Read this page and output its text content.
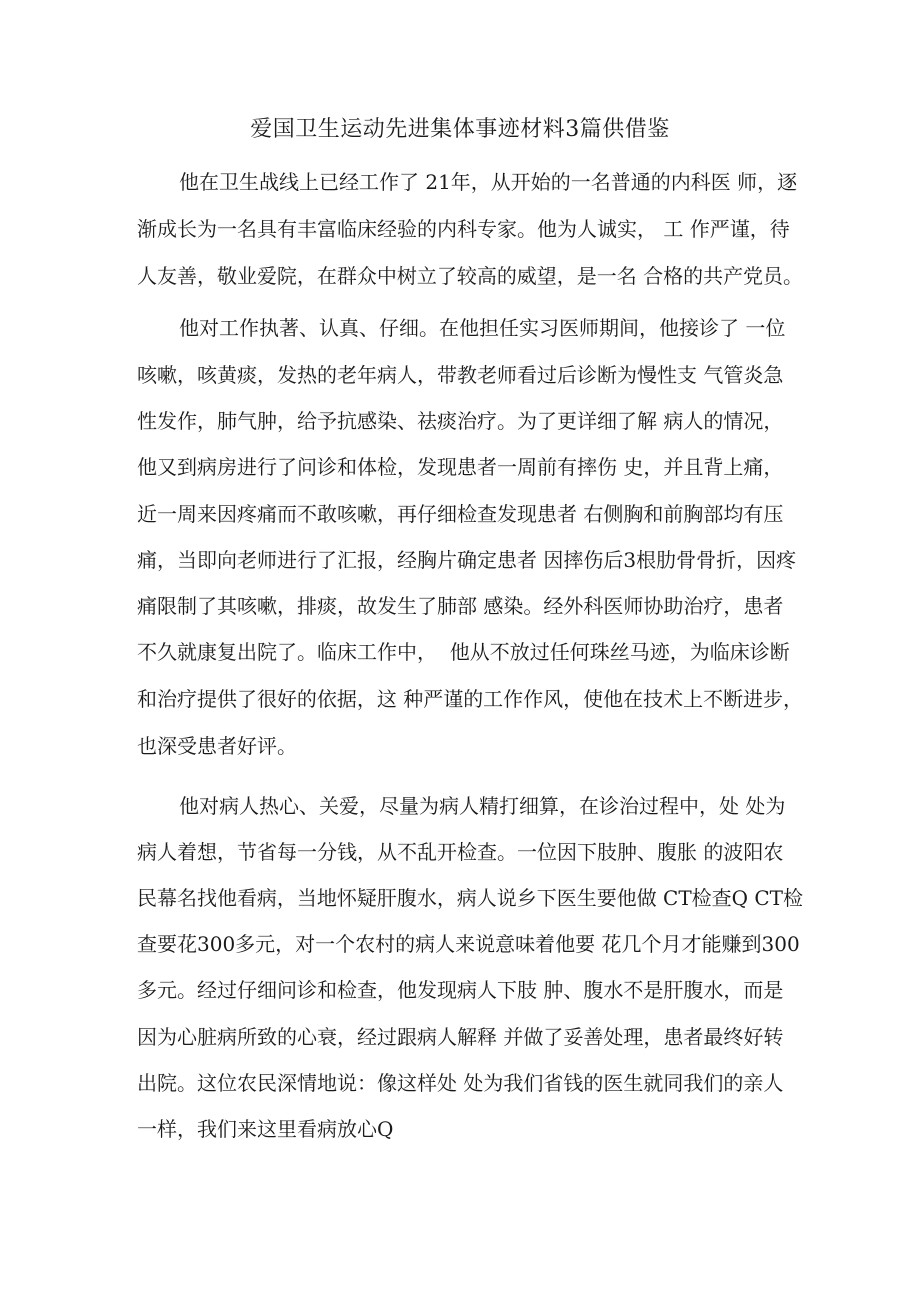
爱国卫生运动先进集体事迹材料3篇供借鉴
他在卫生战线上已经工作了 21年，从开始的一名普通的内科医 师，逐
渐成长为一名具有丰富临床经验的内科专家。他为人诚实， 工 作严谨，待
人友善，敬业爱院，在群众中树立了较高的威望，是一名 合格的共产党员。
他对工作执著、认真、仔细。在他担任实习医师期间，他接诊了 一位
咳嗽，咳黄痰，发热的老年病人，带教老师看过后诊断为慢性支 气管炎急
性发作，肺气肿，给予抗感染、祛痰治疗。为了更详细了解 病人的情况，
他又到病房进行了问诊和体检，发现患者一周前有摔伤 史，并且背上痛，
近一周来因疼痛而不敢咳嗽，再仔细检查发现患者 右侧胸和前胸部均有压
痛，当即向老师进行了汇报，经胸片确定患者 因摔伤后3根肋骨骨折，因疼
痛限制了其咳嗽，排痰，故发生了肺部 感染。经外科医师协助治疗，患者
不久就康复出院了。临床工作中，  他从不放过任何珠丝马迹，为临床诊断
和治疗提供了很好的依据，这 种严谨的工作作风，使他在技术上不断进步，
也深受患者好评。
他对病人热心、关爱，尽量为病人精打细算，在诊治过程中，处 处为
病人着想，节省每一分钱，从不乱开检查。一位因下肢肿、腹胀 的波阳农
民幕名找他看病，当地怀疑肝腹水，病人说乡下医生要他做 CT检查Q CT检
查要花300多元，对一个农村的病人来说意味着他要 花几个月才能赚到300
多元。经过仔细问诊和检查，他发现病人下肢 肿、腹水不是肝腹水，而是
因为心脏病所致的心衰，经过跟病人解释 并做了妥善处理，患者最终好转
出院。这位农民深情地说：像这样处 处为我们省钱的医生就同我们的亲人
一样，我们来这里看病放心Q
